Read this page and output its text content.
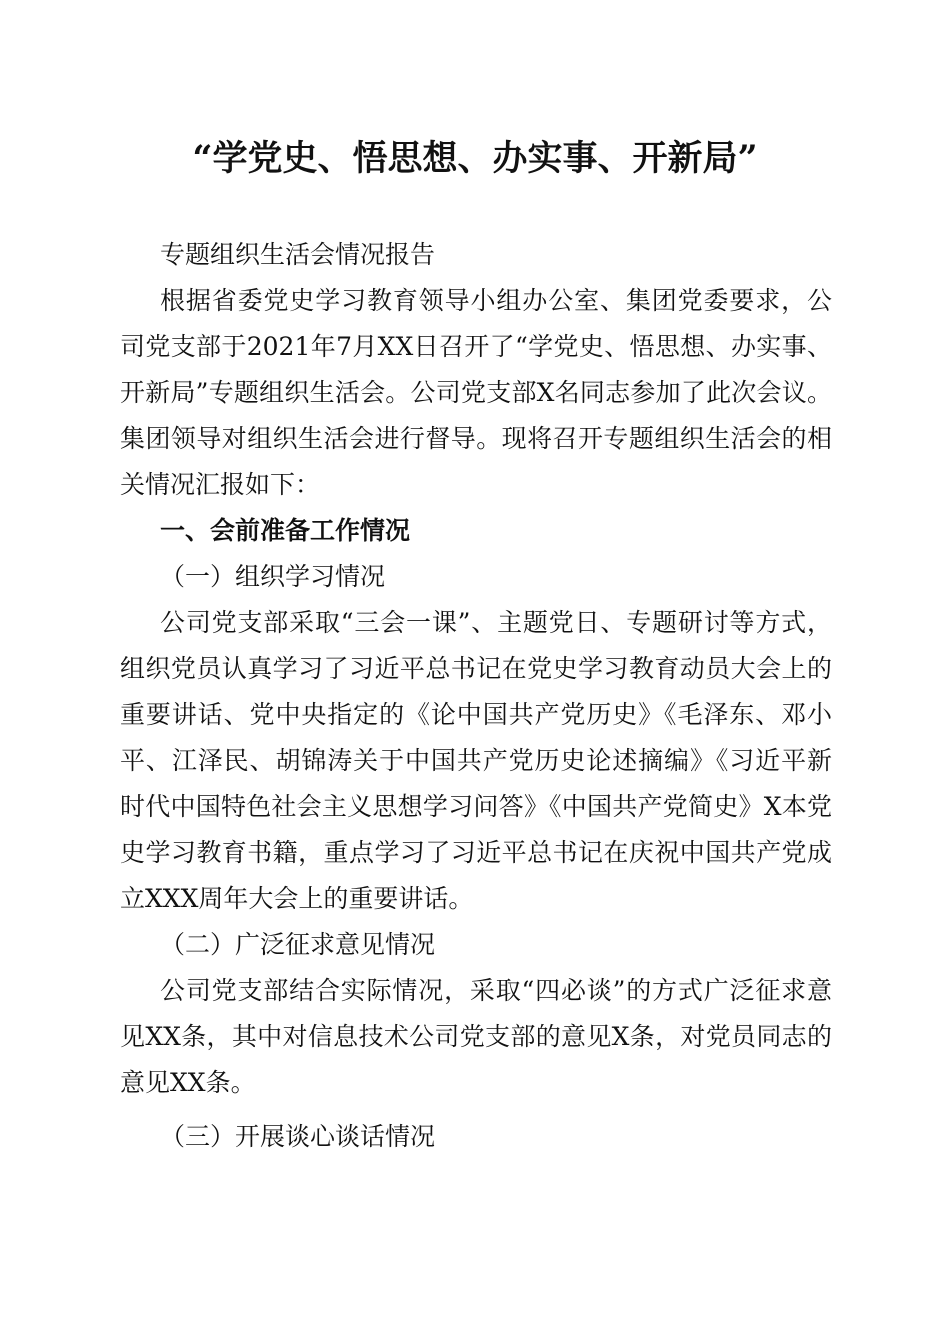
“学党史、悟思想、办实事、开新局”

专题组织生活会情况报告

根据省委党史学习教育领导小组办公室、集团党委要求，公司党支部于2021年7月XX日召开了“学党史、悟思想、办实事、开新局”专题组织生活会。公司党支部X名同志参加了此次会议。集团领导对组织生活会进行督导。现将召开专题组织生活会的相关情况汇报如下：

一、会前准备工作情况

（一）组织学习情况

公司党支部采取“三会一课”、主题党日、专题研讨等方式，组织党员认真学习了习近平总书记在党史学习教育动员大会上的重要讲话、党中央指定的《论中国共产党历史》《毛泽东、邓小平、江泽民、胡锦涛关于中国共产党历史论述摘编》《习近平新时代中国特色社会主义思想学习问答》《中国共产党简史》X本党史学习教育书籍，重点学习了习近平总书记在庆祝中国共产党成立XXX周年大会上的重要讲话。

（二）广泛征求意见情况

公司党支部结合实际情况，采取“四必谈”的方式广泛征求意见XX条，其中对信息技术公司党支部的意见X条，对党员同志的意见XX条。

（三）开展谈心谈话情况
